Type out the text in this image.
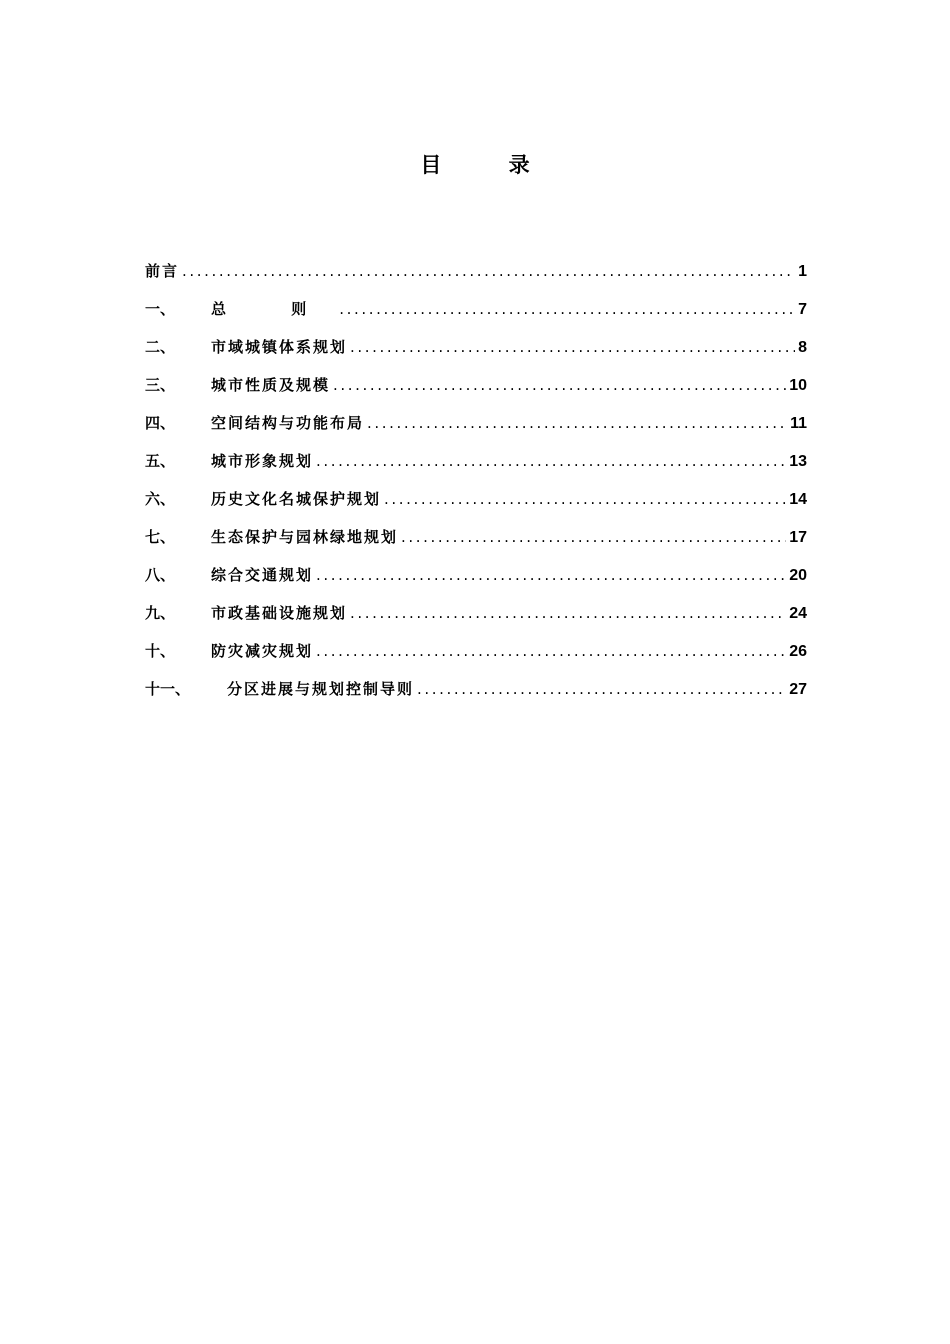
目 录
前言 .....	1
一、	总 则 .....	7
二、	市域城镇体系规划 .....	8
三、	城市性质及规模 .....	10
四、	空间结构与功能布局 .....	11
五、	城市形象规划 .....	13
六、	历史文化名城保护规划 .....	14
七、	生态保护与园林绿地规划 .....	17
八、	综合交通规划 .....	20
九、	市政基础设施规划 .....	24
十、	防灾减灾规划 .....	26
十一、	分区进展与规划控制导则 .....	27
